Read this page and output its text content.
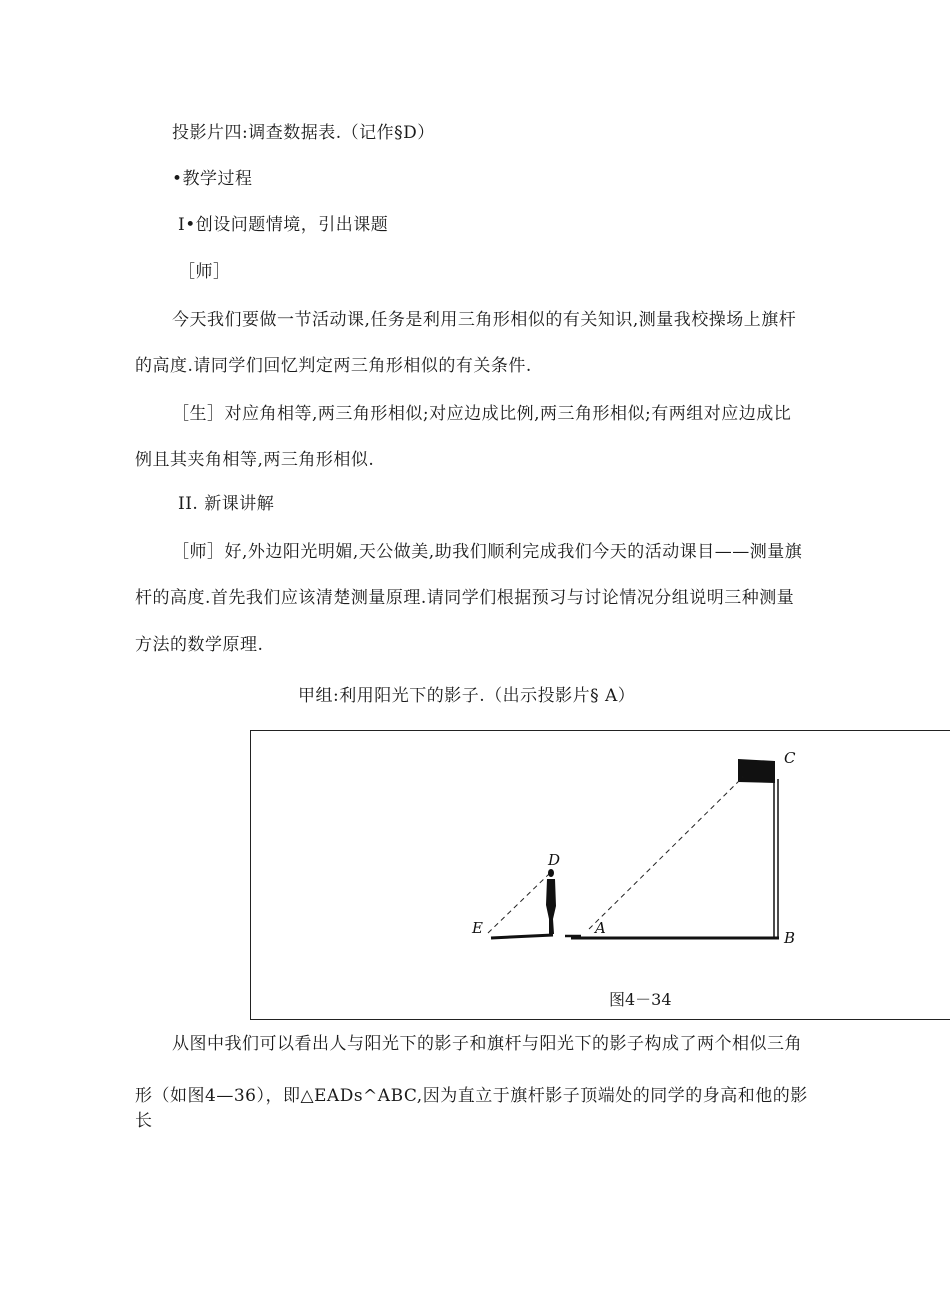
投影片四:调查数据表.（记作§D）
•教学过程
I•创设问题情境，引出课题
［师］
今天我们要做一节活动课,任务是利用三角形相似的有关知识,测量我校操场上旗杆
的高度.请同学们回忆判定两三角形相似的有关条件.
［生］对应角相等,两三角形相似;对应边成比例,两三角形相似;有两组对应边成比
例且其夹角相等,两三角形相似.
II. 新课讲解
［师］好,外边阳光明媚,天公做美,助我们顺利完成我们今天的活动课目——测量旗
杆的高度.首先我们应该清楚测量原理.请同学们根据预习与讨论情况分组说明三种测量
方法的数学原理.
甲组:利用阳光下的影子.（出示投影片§ A）
C
D
E	A
B
图4－34
从图中我们可以看出人与阳光下的影子和旗杆与阳光下的影子构成了两个相似三角
形（如图4—36），即△EADs^ABC,因为直立于旗杆影子顶端处的同学的身高和他的影
长
